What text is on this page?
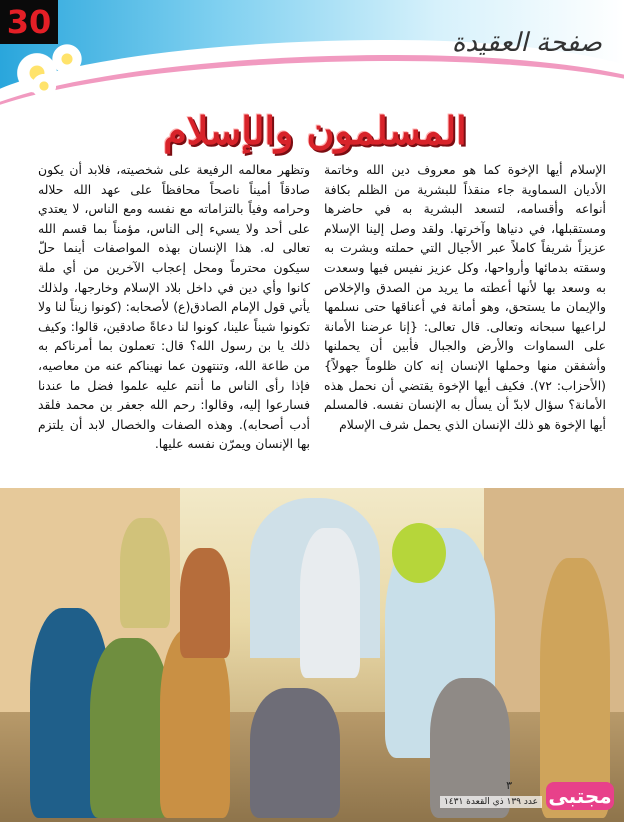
30
صفحة العقيدة
المسلمون والإسلام

الإسلام أيها الإخوة كما هو معروف دين الله وخاتمة الأديان السماوية جاء منقذاً للبشرية من الظلم بكافة أنواعه وأقسامه، لتسعد البشرية به في حاضرها ومستقبلها، في دنياها وآخرتها. ولقد وصل إلينا الإسلام عزيزاً شريفاً كاملاً عبر الأجيال التي حملته وبشرت به وسقته بدمائها وأرواحها، وكل عزيز نفيس فيها وسعدت به وسعد بها لأنها أعطته ما يريد من الصدق والإخلاص والإيمان ما يستحق، وهو أمانة في أعناقها حتى نسلمها لراعيها سبحانه وتعالى. قال تعالى: {إنا عرضنا الأمانة على السماوات والأرض والجبال فأبين أن يحملنها وأشفقن منها وحملها الإنسان إنه كان ظلوماً جهولاً} (الأحزاب: ٧٢). فكيف أيها الإخوة يقتضي أن نحمل هذه الأمانة؟ سؤال لابدّ أن يسأل به الإنسان نفسه. فالمسلم أيها الإخوة هو ذلك الإنسان الذي يحمل شرف الإسلام

وتظهر معالمه الرفيعة على شخصيته، فلابد أن يكون صادقاً أميناً ناصحاً محافظاً على عهد الله حلاله وحرامه وفياً بالتزاماته مع نفسه ومع الناس، لا يعتدي على أحد ولا يسيء إلى الناس، مؤمناً بما قسم الله تعالى له. هذا الإنسان بهذه المواصفات أينما حلّ سيكون محترماً ومحل إعجاب الآخرين من أي ملة كانوا وأي دين في داخل بلاد الإسلام وخارجها، ولذلك يأتي قول الإمام الصادق(ع) لأصحابه: (كونوا زيناً لنا ولا تكونوا شيناً علينا، كونوا لنا دعاةً صادقين، قالوا: وكيف ذلك يا بن رسول الله؟ قال: تعملون بما أمرناكم به من طاعة الله، وتنتهون عما نهيناكم عنه من معاصيه، فإذا رأى الناس ما أنتم عليه علموا فضل ما عندنا فسارعوا إليه، وقالوا: رحم الله جعفر بن محمد فلقد أدب أصحابه). وهذه الصفات والخصال لابد أن يلتزم بها الإنسان ويمرّن نفسه عليها.

٣
عدد ١٣٩ ذي القعدة ١٤٣١ مجتبى
